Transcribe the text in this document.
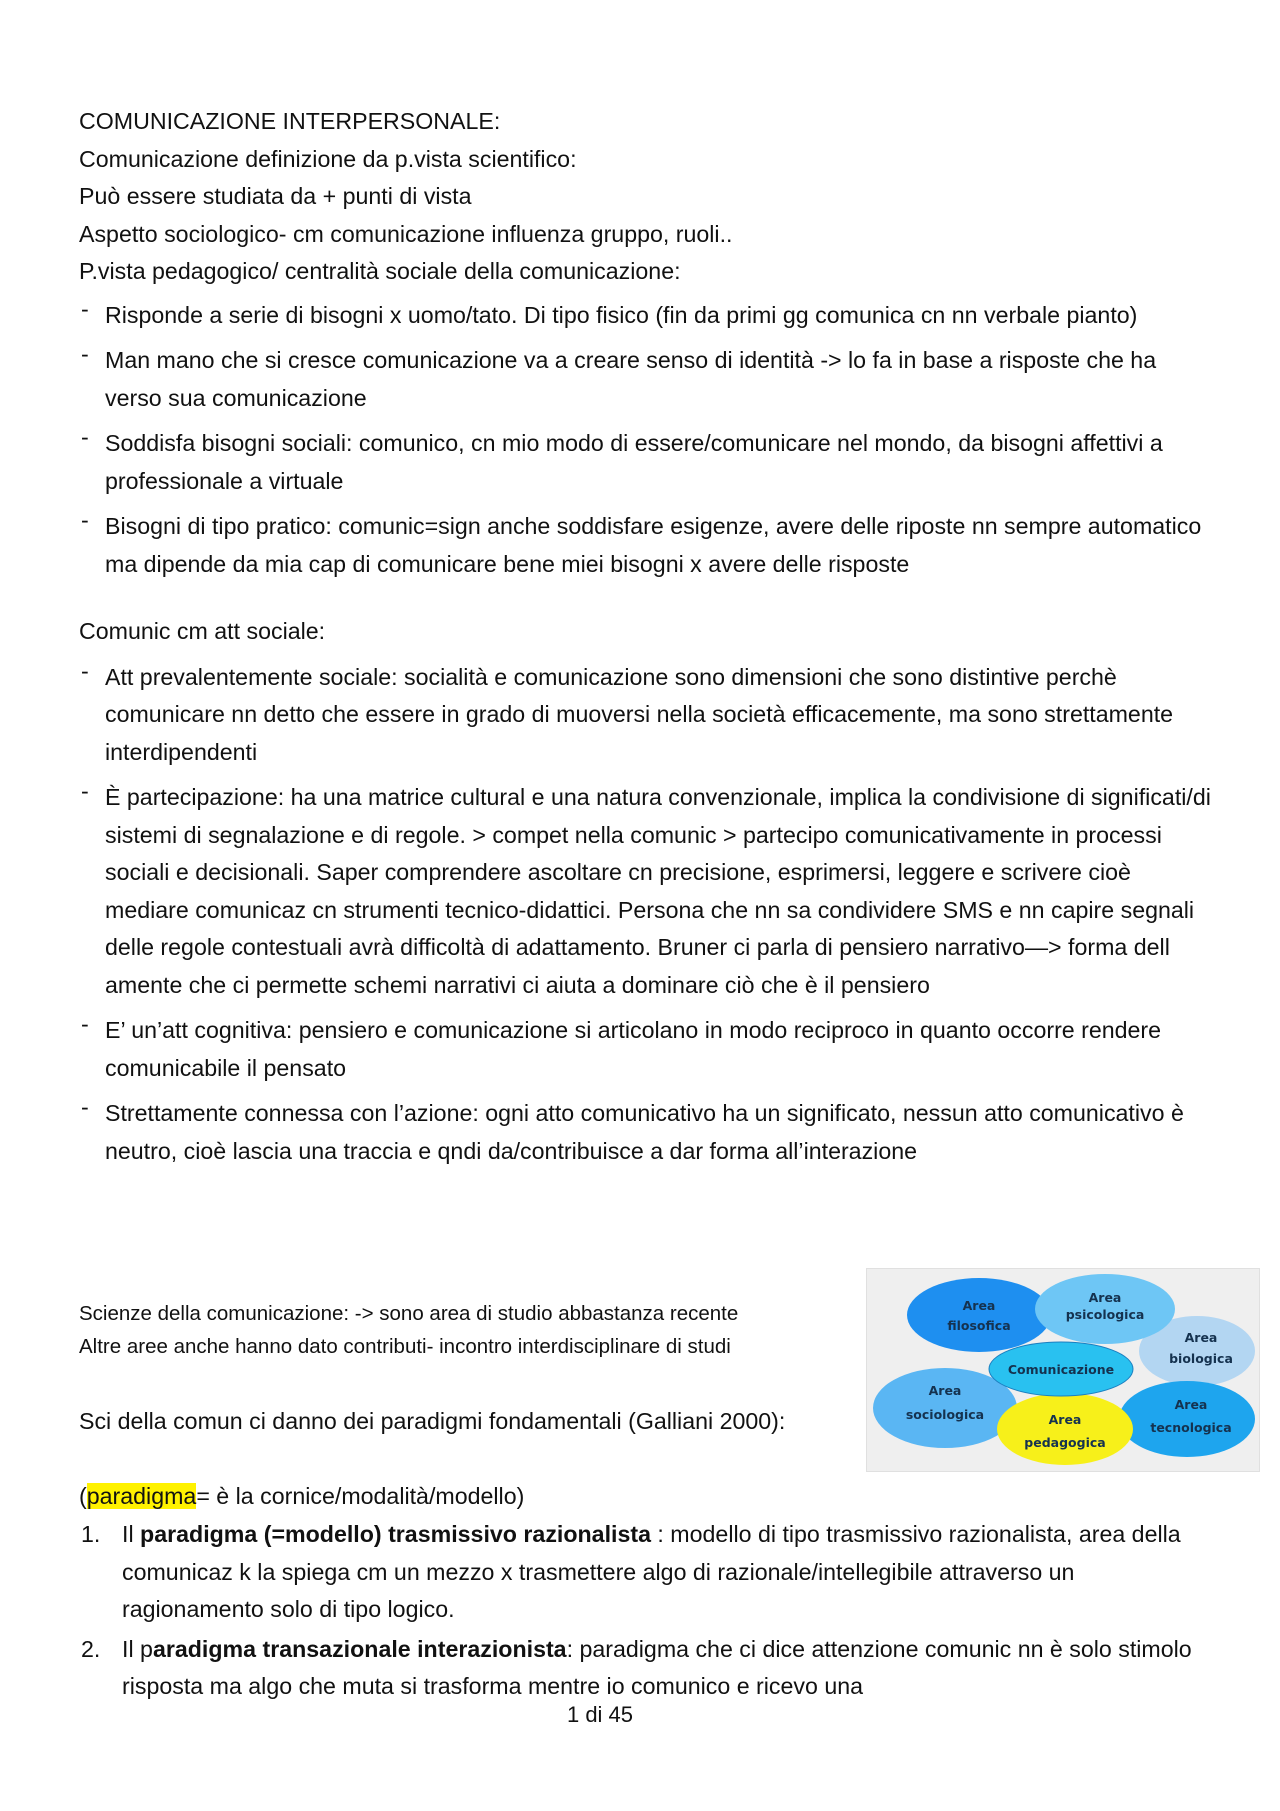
COMUNICAZIONE INTERPERSONALE:
Comunicazione definizione da p.vista scientifico:
Può essere studiata da + punti di vista
Aspetto sociologico- cm comunicazione influenza gruppo, ruoli..
P.vista pedagogico/ centralità sociale della comunicazione:
- Risponde a serie di bisogni x uomo/tato. Di tipo fisico (fin da primi gg comunica cn nn verbale pianto)
- Man mano che si cresce comunicazione va a creare senso di identità -> lo fa in base a risposte che ha verso sua comunicazione
- Soddisfa bisogni sociali: comunico, cn mio modo di essere/comunicare nel mondo, da bisogni affettivi a professionale a virtuale
- Bisogni di tipo pratico: comunic=sign anche soddisfare esigenze, avere delle riposte nn sempre automatico ma dipende da mia cap di comunicare bene miei bisogni x avere delle risposte
Comunic cm att sociale:
- Att prevalentemente sociale: socialità e comunicazione sono dimensioni che sono distintive perchè comunicare nn detto che essere in grado di muoversi nella società efficacemente, ma sono strettamente interdipendenti
- È partecipazione: ha una matrice cultural e una natura convenzionale, implica la condivisione di significati/di sistemi di segnalazione e di regole. > compet nella comunic > partecipo comunicativamente in processi sociali e decisionali. Saper comprendere ascoltare cn precisione, esprimersi, leggere e scrivere cioè mediare comunicaz cn strumenti tecnico-didattici. Persona che nn sa condividere SMS e nn capire segnali delle regole contestuali avrà difficoltà di adattamento. Bruner ci parla di pensiero narrativo—> forma dell amente che ci permette schemi narrativi ci aiuta a dominare ciò che è il pensiero
- E’ un’att cognitiva: pensiero e comunicazione si articolano in modo reciproco in quanto occorre rendere comunicabile il pensato
- Strettamente connessa con l’azione: ogni atto comunicativo ha un significato, nessun atto comunicativo è neutro, cioè lascia una traccia e qndi da/contribuisce a dar forma all’interazione
Scienze della comunicazione: -> sono area di studio abbastanza recente
Altre aree anche hanno dato contributi- incontro interdisciplinare di studi
Sci della comun ci danno dei paradigmi fondamentali (Galliani 2000):
(paradigma= è la cornice/modalità/modello)
1. Il paradigma (=modello) trasmissivo razionalista : modello di tipo trasmissivo razionalista, area della comunicaz k la spiega cm un mezzo x trasmettere algo di razionale/intellegibile attraverso un ragionamento solo di tipo logico.
2. Il paradigma transazionale interazionista: paradigma che ci dice attenzione comunic nn è solo stimolo risposta ma algo che muta si trasforma mentre io comunico e ricevo una
Area
filosofica
Area
biologica
Area
psicologica
Area
sociologica
Area
tecnologica
Area
pedagogica
Comunicazione
1 di 45
